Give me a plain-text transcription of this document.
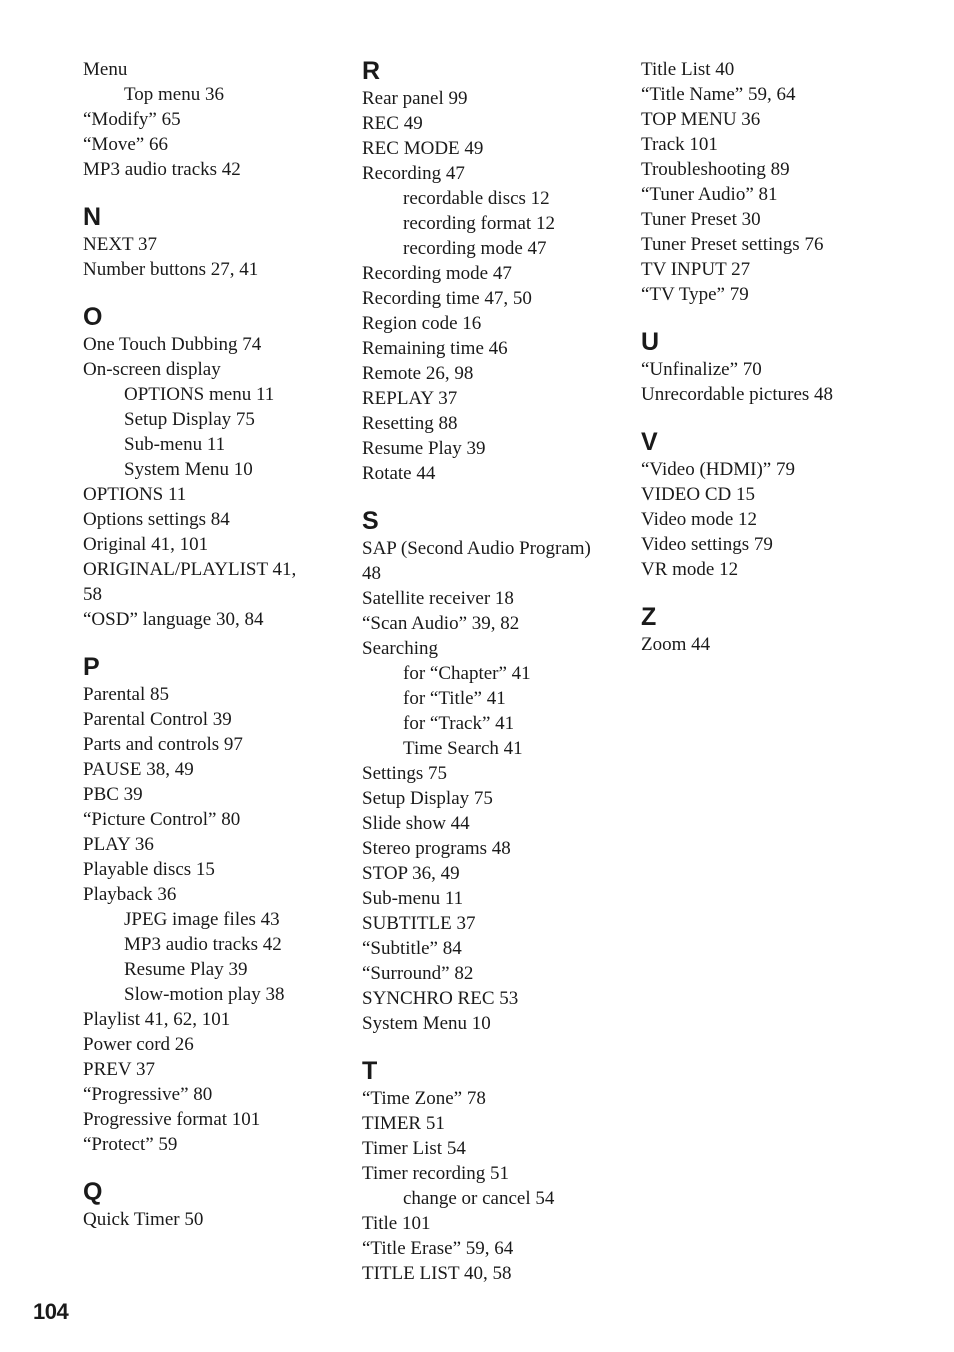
Menu
Top menu 36
“Modify” 65
“Move” 66
MP3 audio tracks 42
N
NEXT 37
Number buttons 27, 41
O
One Touch Dubbing 74
On-screen display
OPTIONS menu 11
Setup Display 75
Sub-menu 11
System Menu 10
OPTIONS 11
Options settings 84
Original 41, 101
ORIGINAL/PLAYLIST 41,
58
“OSD” language 30, 84
P
Parental 85
Parental Control 39
Parts and controls 97
PAUSE 38, 49
PBC 39
“Picture Control” 80
PLAY 36
Playable discs 15
Playback 36
JPEG image files 43
MP3 audio tracks 42
Resume Play 39
Slow-motion play 38
Playlist 41, 62, 101
Power cord 26
PREV 37
“Progressive” 80
Progressive format 101
“Protect” 59
Q
Quick Timer 50
R
Rear panel 99
REC 49
REC MODE 49
Recording 47
recordable discs 12
recording format 12
recording mode 47
Recording mode 47
Recording time 47, 50
Region code 16
Remaining time 46
Remote 26, 98
REPLAY 37
Resetting 88
Resume Play 39
Rotate 44
S
SAP (Second Audio Program)
48
Satellite receiver 18
“Scan Audio” 39, 82
Searching
for “Chapter” 41
for “Title” 41
for “Track” 41
Time Search 41
Settings 75
Setup Display 75
Slide show 44
Stereo programs 48
STOP 36, 49
Sub-menu 11
SUBTITLE 37
“Subtitle” 84
“Surround” 82
SYNCHRO REC 53
System Menu 10
T
“Time Zone” 78
TIMER 51
Timer List 54
Timer recording 51
change or cancel 54
Title 101
“Title Erase” 59, 64
TITLE LIST 40, 58
Title List 40
“Title Name” 59, 64
TOP MENU 36
Track 101
Troubleshooting 89
“Tuner Audio” 81
Tuner Preset 30
Tuner Preset settings 76
TV INPUT 27
“TV Type” 79
U
“Unfinalize” 70
Unrecordable pictures 48
V
“Video (HDMI)” 79
VIDEO CD 15
Video mode 12
Video settings 79
VR mode 12
Z
Zoom 44
104
